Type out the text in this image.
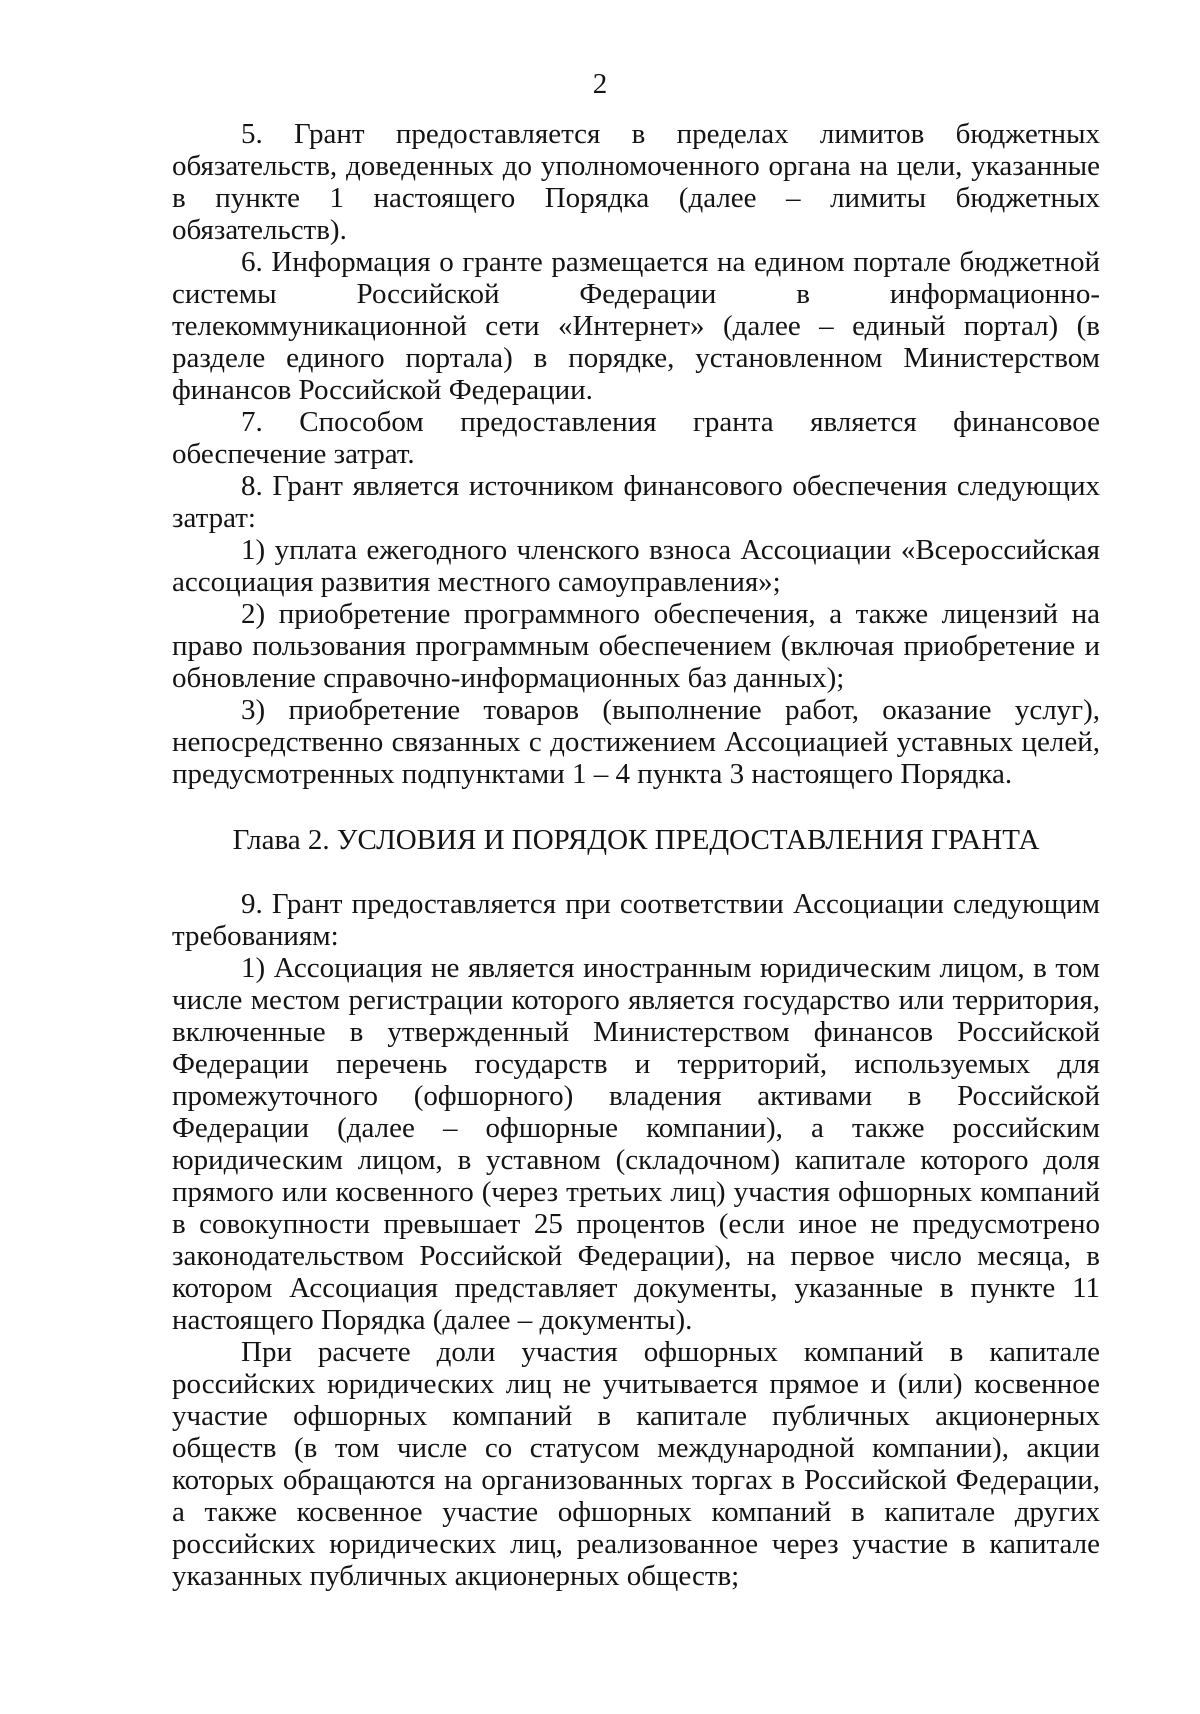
2

5. Грант предоставляется в пределах лимитов бюджетных обязательств, доведенных до уполномоченного органа на цели, указанные в пункте 1 настоящего Порядка (далее – лимиты бюджетных обязательств).

6. Информация о гранте размещается на едином портале бюджетной системы Российской Федерации в информационно-телекоммуникационной сети «Интернет» (далее – единый портал) (в разделе единого портала) в порядке, установленном Министерством финансов Российской Федерации.

7. Способом предоставления гранта является финансовое обеспечение затрат.

8. Грант является источником финансового обеспечения следующих затрат:

1) уплата ежегодного членского взноса Ассоциации «Всероссийская ассоциация развития местного самоуправления»;

2) приобретение программного обеспечения, а также лицензий на право пользования программным обеспечением (включая приобретение и обновление справочно-информационных баз данных);

3) приобретение товаров (выполнение работ, оказание услуг), непосредственно связанных с достижением Ассоциацией уставных целей, предусмотренных подпунктами 1 – 4 пункта 3 настоящего Порядка.

Глава 2. УСЛОВИЯ И ПОРЯДОК ПРЕДОСТАВЛЕНИЯ ГРАНТА

9. Грант предоставляется при соответствии Ассоциации следующим требованиям:

1) Ассоциация не является иностранным юридическим лицом, в том числе местом регистрации которого является государство или территория, включенные в утвержденный Министерством финансов Российской Федерации перечень государств и территорий, используемых для промежуточного (офшорного) владения активами в Российской Федерации (далее – офшорные компании), а также российским юридическим лицом, в уставном (складочном) капитале которого доля прямого или косвенного (через третьих лиц) участия офшорных компаний в совокупности превышает 25 процентов (если иное не предусмотрено законодательством Российской Федерации), на первое число месяца, в котором Ассоциация представляет документы, указанные в пункте 11 настоящего Порядка (далее – документы).

При расчете доли участия офшорных компаний в капитале российских юридических лиц не учитывается прямое и (или) косвенное участие офшорных компаний в капитале публичных акционерных обществ (в том числе со статусом международной компании), акции которых обращаются на организованных торгах в Российской Федерации, а также косвенное участие офшорных компаний в капитале других российских юридических лиц, реализованное через участие в капитале указанных публичных акционерных обществ;
